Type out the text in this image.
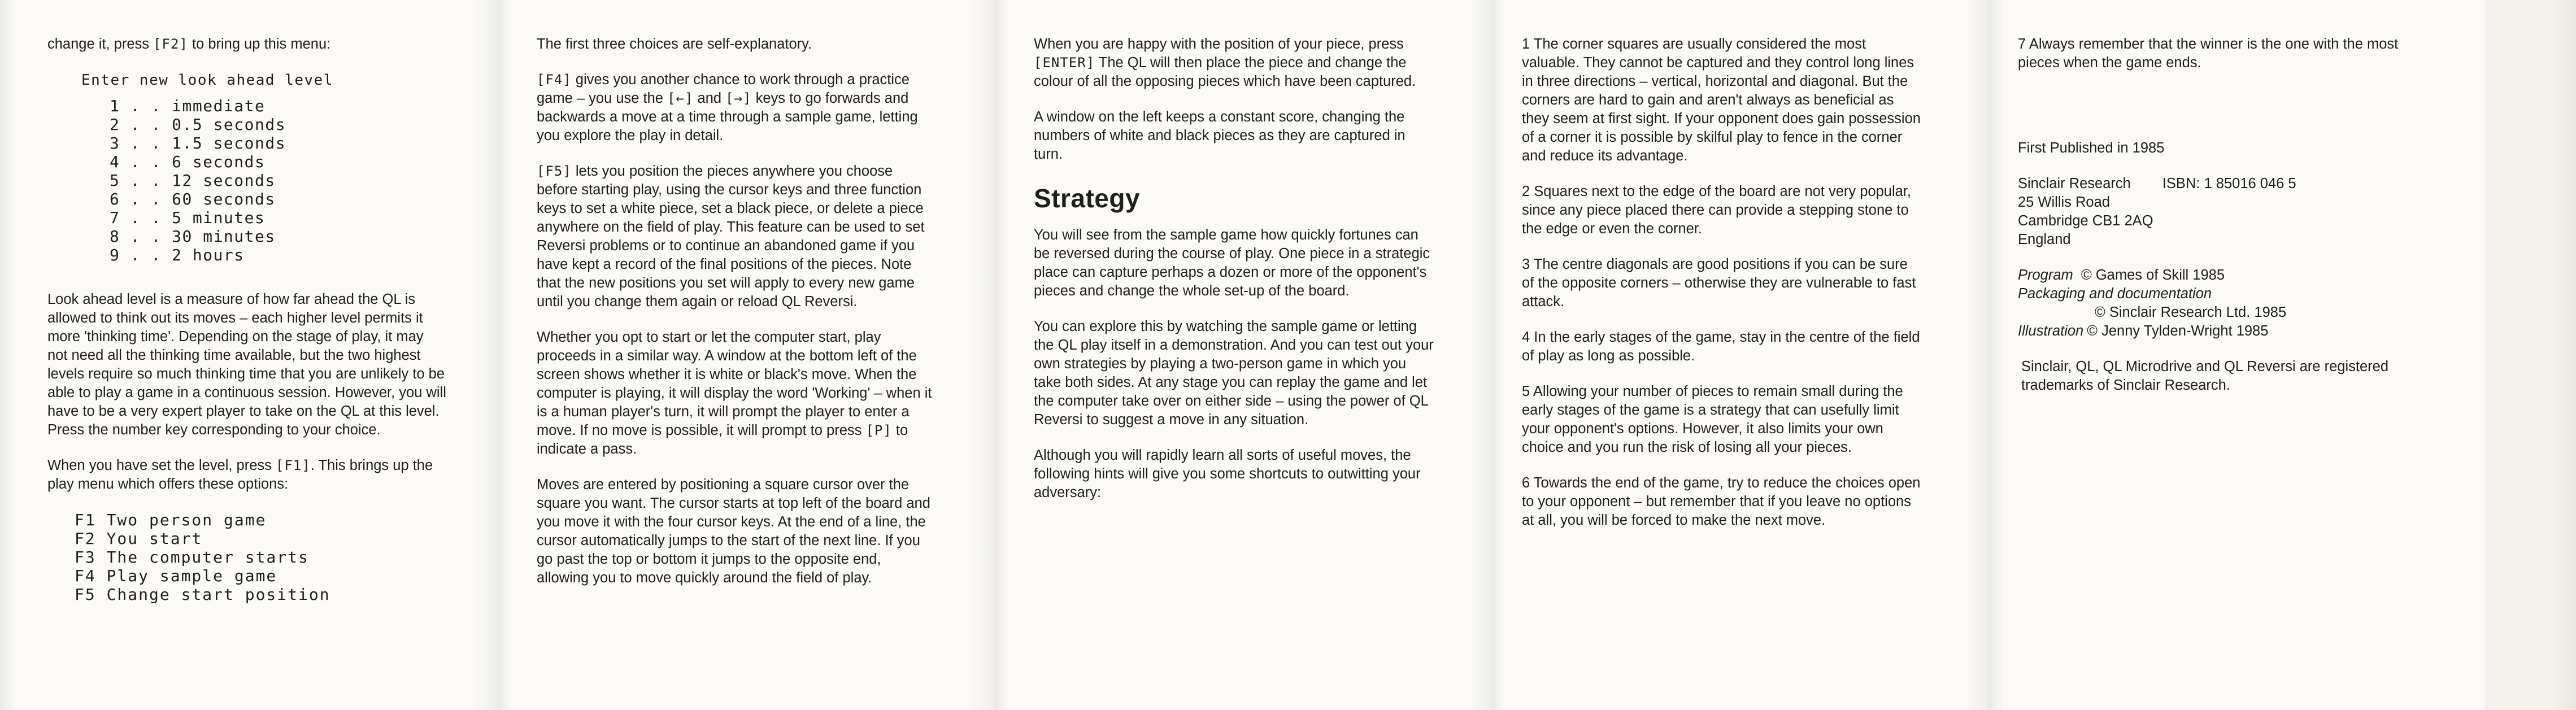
change it, press [F2] to bring up this menu:

Enter new look ahead level
1 . . immediate
2 . . 0.5 seconds
3 . . 1.5 seconds
4 . . 6 seconds
5 . . 12 seconds
6 . . 60 seconds
7 . . 5 minutes
8 . . 30 minutes
9 . . 2 hours

Look ahead level is a measure of how far ahead the QL is allowed to think out its moves – each higher level permits it more 'thinking time'. Depending on the stage of play, it may not need all the thinking time available, but the two highest levels require so much thinking time that you are unlikely to be able to play a game in a continuous session. However, you will have to be a very expert player to take on the QL at this level. Press the number key corresponding to your choice.

When you have set the level, press [F1]. This brings up the play menu which offers these options:

F1 Two person game
F2 You start
F3 The computer starts
F4 Play sample game
F5 Change start position

The first three choices are self-explanatory.

[F4] gives you another chance to work through a practice game – you use the [←] and [→] keys to go forwards and backwards a move at a time through a sample game, letting you explore the play in detail.

[F5] lets you position the pieces anywhere you choose before starting play, using the cursor keys and three function keys to set a white piece, set a black piece, or delete a piece anywhere on the field of play. This feature can be used to set Reversi problems or to continue an abandoned game if you have kept a record of the final positions of the pieces. Note that the new positions you set will apply to every new game until you change them again or reload QL Reversi.

Whether you opt to start or let the computer start, play proceeds in a similar way. A window at the bottom left of the screen shows whether it is white or black's move. When the computer is playing, it will display the word 'Working' – when it is a human player's turn, it will prompt the player to enter a move. If no move is possible, it will prompt to press [P] to indicate a pass.

Moves are entered by positioning a square cursor over the square you want. The cursor starts at top left of the board and you move it with the four cursor keys. At the end of a line, the cursor automatically jumps to the start of the next line. If you go past the top or bottom it jumps to the opposite end, allowing you to move quickly around the field of play.

When you are happy with the position of your piece, press [ENTER] The QL will then place the piece and change the colour of all the opposing pieces which have been captured.

A window on the left keeps a constant score, changing the numbers of white and black pieces as they are captured in turn.

Strategy

You will see from the sample game how quickly fortunes can be reversed during the course of play. One piece in a strategic place can capture perhaps a dozen or more of the opponent's pieces and change the whole set-up of the board.

You can explore this by watching the sample game or letting the QL play itself in a demonstration. And you can test out your own strategies by playing a two-person game in which you take both sides. At any stage you can replay the game and let the computer take over on either side – using the power of QL Reversi to suggest a move in any situation.

Although you will rapidly learn all sorts of useful moves, the following hints will give you some shortcuts to outwitting your adversary:

1 The corner squares are usually considered the most valuable. They cannot be captured and they control long lines in three directions – vertical, horizontal and diagonal. But the corners are hard to gain and aren't always as beneficial as they seem at first sight. If your opponent does gain possession of a corner it is possible by skilful play to fence in the corner and reduce its advantage.

2 Squares next to the edge of the board are not very popular, since any piece placed there can provide a stepping stone to the edge or even the corner.

3 The centre diagonals are good positions if you can be sure of the opposite corners – otherwise they are vulnerable to fast attack.

4 In the early stages of the game, stay in the centre of the field of play as long as possible.

5 Allowing your number of pieces to remain small during the early stages of the game is a strategy that can usefully limit your opponent's options. However, it also limits your own choice and you run the risk of losing all your pieces.

6 Towards the end of the game, try to reduce the choices open to your opponent – but remember that if you leave no options at all, you will be forced to make the next move.

7 Always remember that the winner is the one with the most pieces when the game ends.

First Published in 1985

Sinclair Research ISBN: 1 85016 046 5
25 Willis Road
Cambridge CB1 2AQ
England
Program © Games of Skill 1985
Packaging and documentation
© Sinclair Research Ltd. 1985
Illustration © Jenny Tylden-Wright 1985

Sinclair, QL, QL Microdrive and QL Reversi are registered trademarks of Sinclair Research.
